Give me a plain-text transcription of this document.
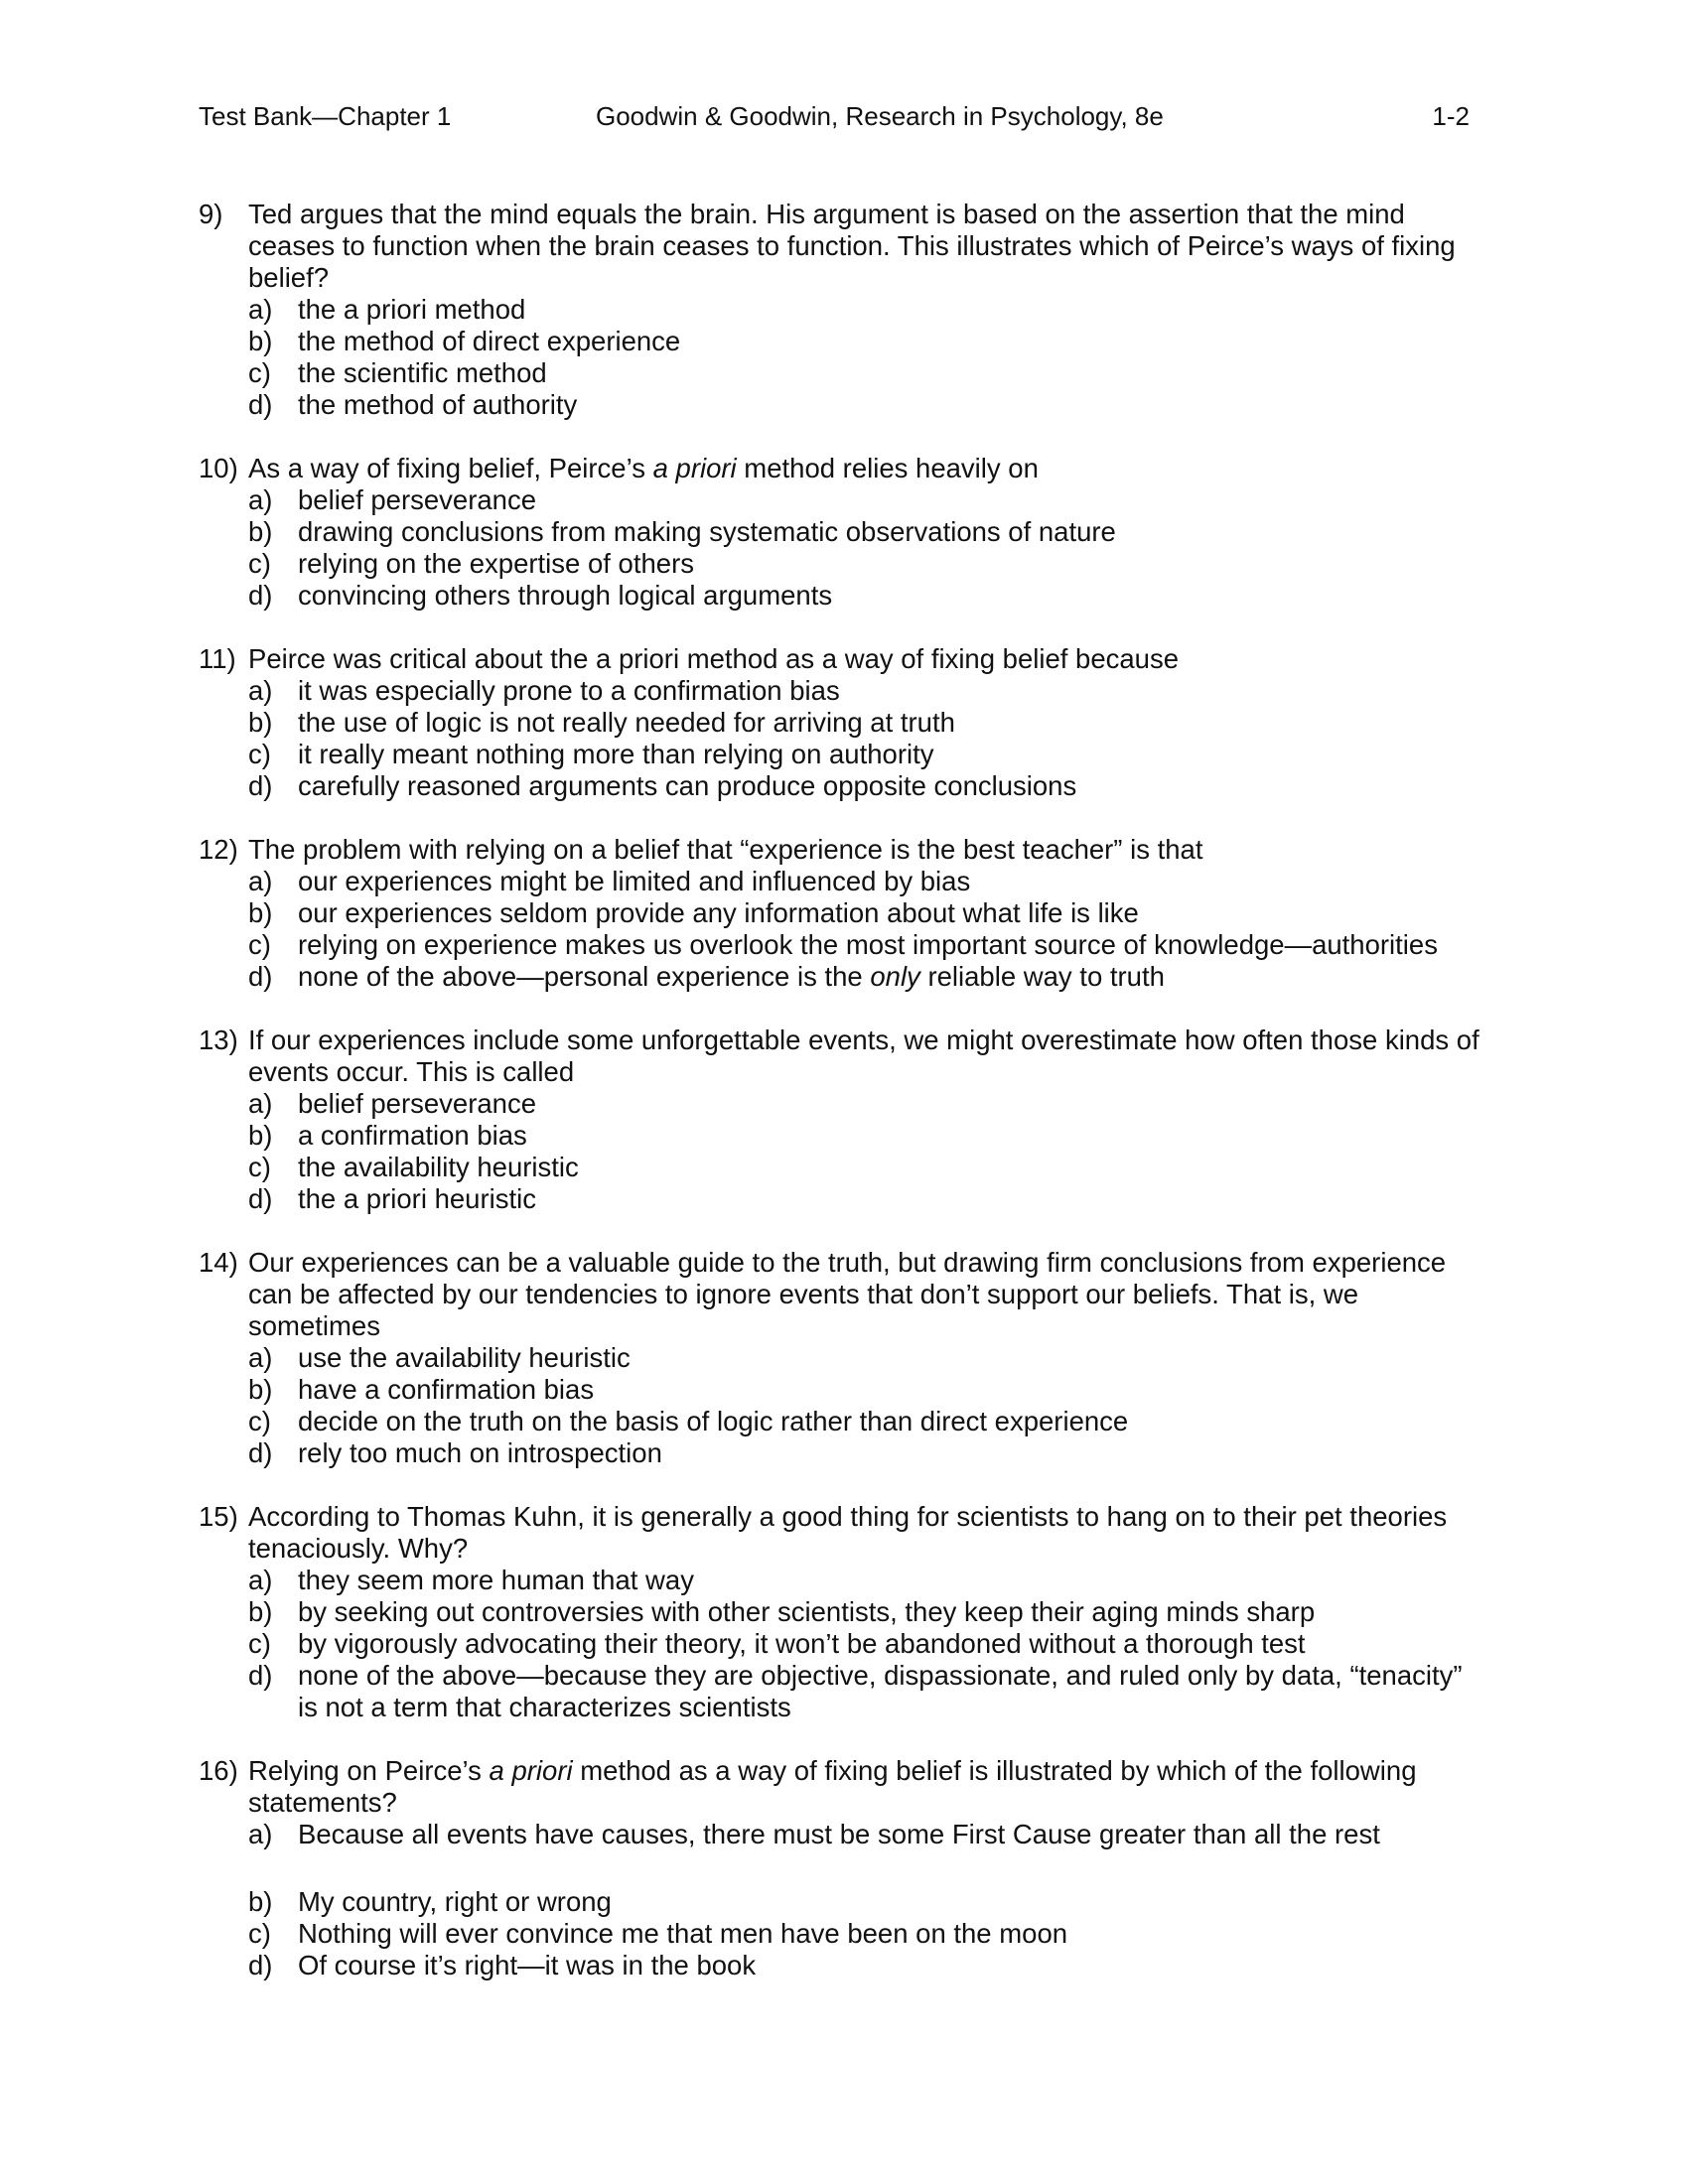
Test Bank—Chapter 1	Goodwin & Goodwin, Research in Psychology, 8e	1-2
9) Ted argues that the mind equals the brain. His argument is based on the assertion that the mind ceases to function when the brain ceases to function. This illustrates which of Peirce’s ways of fixing belief?
a) the a priori method
b) the method of direct experience
c) the scientific method
d) the method of authority
10) As a way of fixing belief, Peirce’s a priori method relies heavily on
a) belief perseverance
b) drawing conclusions from making systematic observations of nature
c) relying on the expertise of others
d) convincing others through logical arguments
11) Peirce was critical about the a priori method as a way of fixing belief because
a) it was especially prone to a confirmation bias
b) the use of logic is not really needed for arriving at truth
c) it really meant nothing more than relying on authority
d) carefully reasoned arguments can produce opposite conclusions
12) The problem with relying on a belief that “experience is the best teacher” is that
a) our experiences might be limited and influenced by bias
b) our experiences seldom provide any information about what life is like
c) relying on experience makes us overlook the most important source of knowledge—authorities
d) none of the above—personal experience is the only reliable way to truth
13) If our experiences include some unforgettable events, we might overestimate how often those kinds of events occur. This is called
a) belief perseverance
b) a confirmation bias
c) the availability heuristic
d) the a priori heuristic
14) Our experiences can be a valuable guide to the truth, but drawing firm conclusions from experience can be affected by our tendencies to ignore events that don’t support our beliefs. That is, we sometimes
a) use the availability heuristic
b) have a confirmation bias
c) decide on the truth on the basis of logic rather than direct experience
d) rely too much on introspection
15) According to Thomas Kuhn, it is generally a good thing for scientists to hang on to their pet theories tenaciously. Why?
a) they seem more human that way
b) by seeking out controversies with other scientists, they keep their aging minds sharp
c) by vigorously advocating their theory, it won’t be abandoned without a thorough test
d) none of the above—because they are objective, dispassionate, and ruled only by data, “tenacity” is not a term that characterizes scientists
16) Relying on Peirce’s a priori method as a way of fixing belief is illustrated by which of the following statements?
a) Because all events have causes, there must be some First Cause greater than all the rest
b) My country, right or wrong
c) Nothing will ever convince me that men have been on the moon
d) Of course it’s right—it was in the book
